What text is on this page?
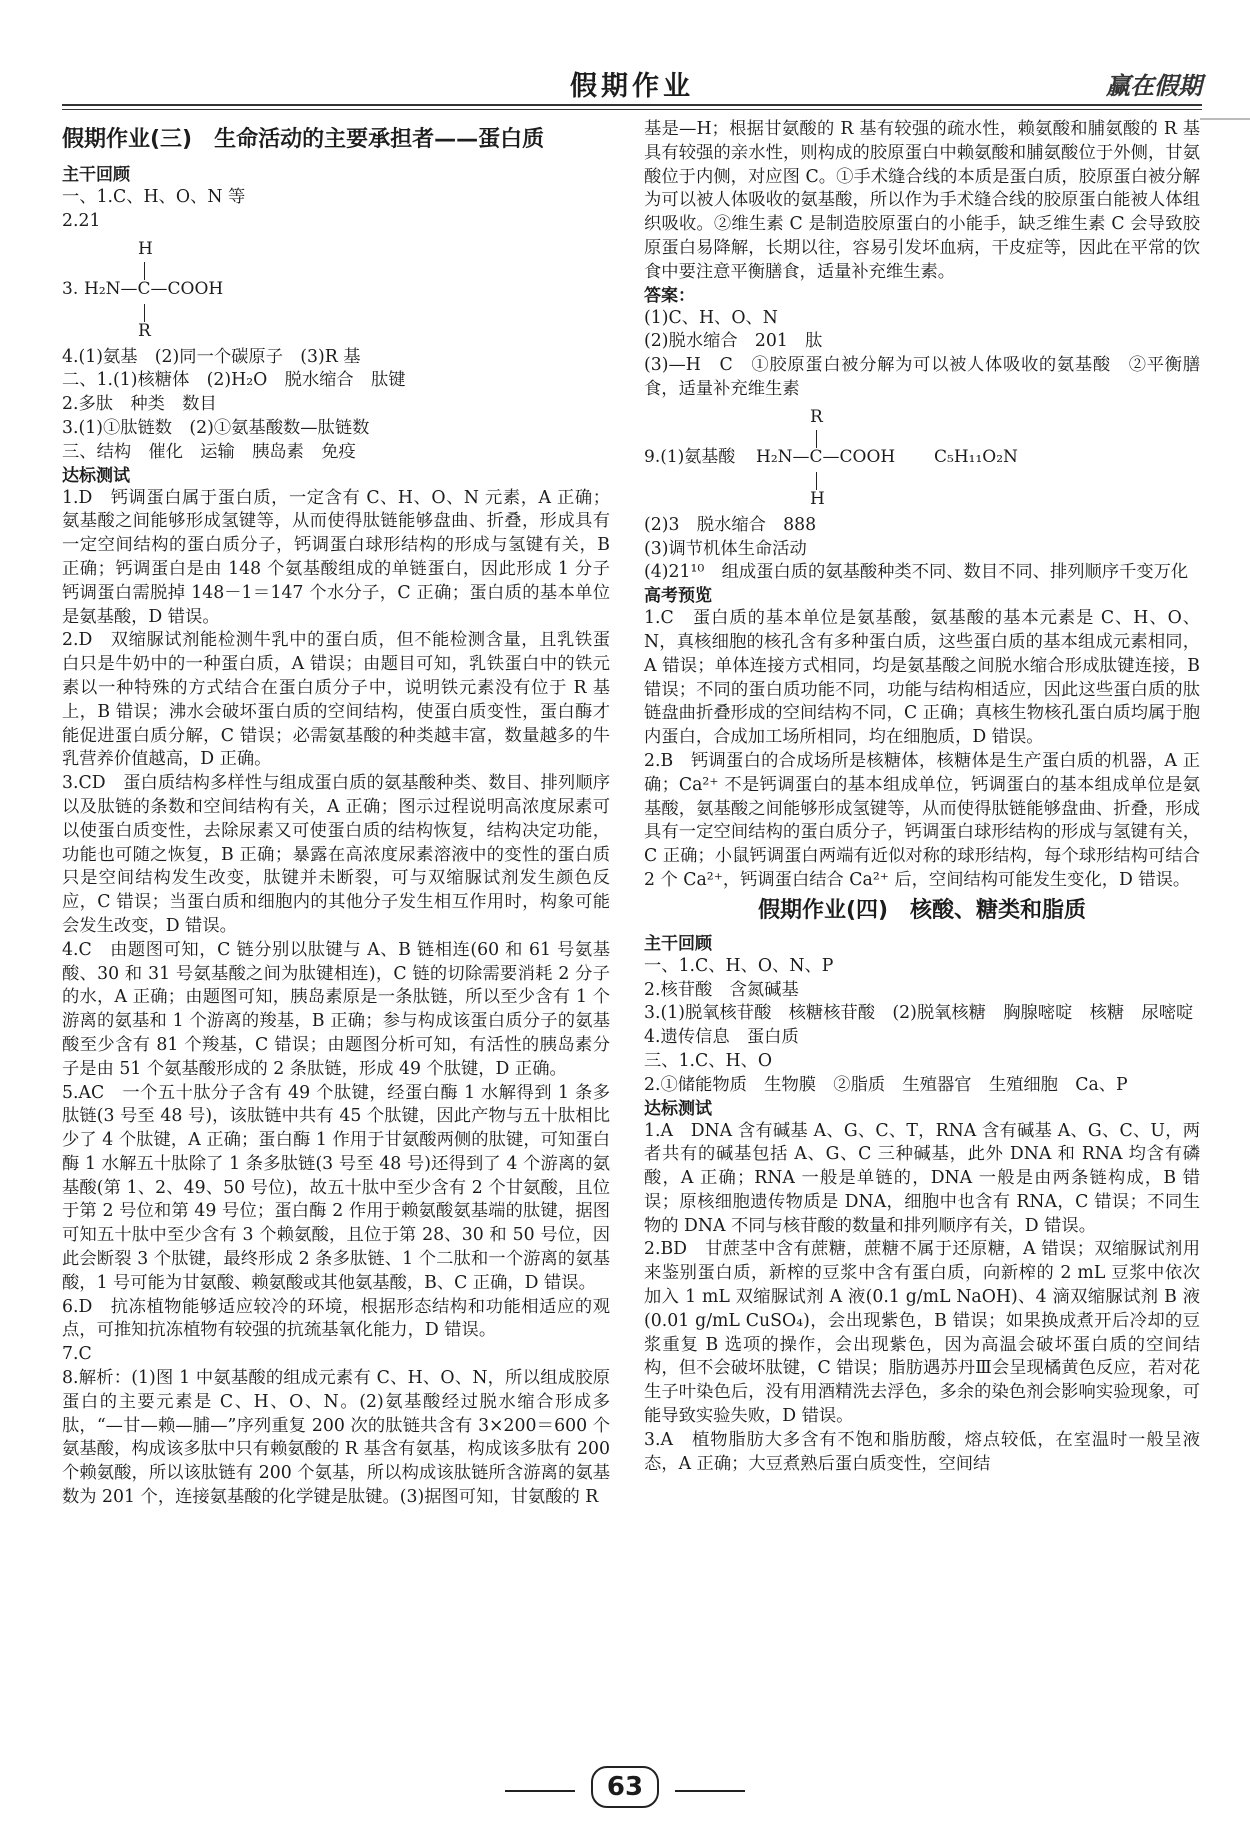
假期作业	赢在假期
假期作业(三)　生命活动的主要承担者——蛋白质
主干回顾
一、1.C、H、O、N 等
2.21
H
3. H₂N—C—COOH
R
4.(1)氨基　(2)同一个碳原子　(3)R 基
二、1.(1)核糖体　(2)H₂O　脱水缩合　肽键
2.多肽　种类　数目
3.(1)①肽链数　(2)①氨基酸数—肽链数
三、结构　催化　运输　胰岛素　免疫
达标测试
1.D　钙调蛋白属于蛋白质，一定含有 C、H、O、N 元素，A 正确；氨基酸之间能够形成氢键等，从而使得肽链能够盘曲、折叠，形成具有一定空间结构的蛋白质分子，钙调蛋白球形结构的形成与氢键有关，B 正确；钙调蛋白是由 148 个氨基酸组成的单链蛋白，因此形成 1 分子钙调蛋白需脱掉 148－1＝147 个水分子，C 正确；蛋白质的基本单位是氨基酸，D 错误。
2.D　双缩脲试剂能检测牛乳中的蛋白质，但不能检测含量，且乳铁蛋白只是牛奶中的一种蛋白质，A 错误；由题目可知，乳铁蛋白中的铁元素以一种特殊的方式结合在蛋白质分子中，说明铁元素没有位于 R 基上，B 错误；沸水会破坏蛋白质的空间结构，使蛋白质变性，蛋白酶才能促进蛋白质分解，C 错误；必需氨基酸的种类越丰富，数量越多的牛乳营养价值越高，D 正确。
3.CD　蛋白质结构多样性与组成蛋白质的氨基酸种类、数目、排列顺序以及肽链的条数和空间结构有关，A 正确；图示过程说明高浓度尿素可以使蛋白质变性，去除尿素又可使蛋白质的结构恢复，结构决定功能，功能也可随之恢复，B 正确；暴露在高浓度尿素溶液中的变性的蛋白质只是空间结构发生改变，肽键并未断裂，可与双缩脲试剂发生颜色反应，C 错误；当蛋白质和细胞内的其他分子发生相互作用时，构象可能会发生改变，D 错误。
4.C　由题图可知，C 链分别以肽键与 A、B 链相连(60 和 61 号氨基酸、30 和 31 号氨基酸之间为肽键相连)，C 链的切除需要消耗 2 分子的水，A 正确；由题图可知，胰岛素原是一条肽链，所以至少含有 1 个游离的氨基和 1 个游离的羧基，B 正确；参与构成该蛋白质分子的氨基酸至少含有 81 个羧基，C 错误；由题图分析可知，有活性的胰岛素分子是由 51 个氨基酸形成的 2 条肽链，形成 49 个肽键，D 正确。
5.AC　一个五十肽分子含有 49 个肽键，经蛋白酶 1 水解得到 1 条多肽链(3 号至 48 号)，该肽链中共有 45 个肽键，因此产物与五十肽相比少了 4 个肽键，A 正确；蛋白酶 1 作用于甘氨酸两侧的肽键，可知蛋白酶 1 水解五十肽除了 1 条多肽链(3 号至 48 号)还得到了 4 个游离的氨基酸(第 1、2、49、50 号位)，故五十肽中至少含有 2 个甘氨酸，且位于第 2 号位和第 49 号位；蛋白酶 2 作用于赖氨酸氨基端的肽键，据图可知五十肽中至少含有 3 个赖氨酸，且位于第 28、30 和 50 号位，因此会断裂 3 个肽键，最终形成 2 条多肽链、1 个二肽和一个游离的氨基酸，1 号可能为甘氨酸、赖氨酸或其他氨基酸，B、C 正确，D 错误。
6.D　抗冻植物能够适应较冷的环境，根据形态结构和功能相适应的观点，可推知抗冻植物有较强的抗巯基氧化能力，D 错误。
7.C
8.解析：(1)图 1 中氨基酸的组成元素有 C、H、O、N，所以组成胶原蛋白的主要元素是 C、H、O、N。(2)氨基酸经过脱水缩合形成多肽，“—甘—赖—脯—”序列重复 200 次的肽链共含有 3×200＝600 个氨基酸，构成该多肽中只有赖氨酸的 R 基含有氨基，构成该多肽有 200 个赖氨酸，所以该肽链有 200 个氨基，所以构成该肽链所含游离的氨基数为 201 个，连接氨基酸的化学键是肽键。(3)据图可知，甘氨酸的 R
基是—H；根据甘氨酸的 R 基有较强的疏水性，赖氨酸和脯氨酸的 R 基具有较强的亲水性，则构成的胶原蛋白中赖氨酸和脯氨酸位于外侧，甘氨酸位于内侧，对应图 C。①手术缝合线的本质是蛋白质，胶原蛋白被分解为可以被人体吸收的氨基酸，所以作为手术缝合线的胶原蛋白能被人体组织吸收。②维生素 C 是制造胶原蛋白的小能手，缺乏维生素 C 会导致胶原蛋白易降解，长期以往，容易引发坏血病，干皮症等，因此在平常的饮食中要注意平衡膳食，适量补充维生素。
答案：
(1)C、H、O、N
(2)脱水缩合　201　肽
(3)—H　C　①胶原蛋白被分解为可以被人体吸收的氨基酸　②平衡膳食，适量补充维生素
R
9.(1)氨基酸 H₂N—C—COOH C₅H₁₁O₂N
H
(2)3　脱水缩合　888
(3)调节机体生命活动
(4)21¹⁰　组成蛋白质的氨基酸种类不同、数目不同、排列顺序千变万化
高考预览
1.C　蛋白质的基本单位是氨基酸，氨基酸的基本元素是 C、H、O、N，真核细胞的核孔含有多种蛋白质，这些蛋白质的基本组成元素相同，A 错误；单体连接方式相同，均是氨基酸之间脱水缩合形成肽键连接，B 错误；不同的蛋白质功能不同，功能与结构相适应，因此这些蛋白质的肽链盘曲折叠形成的空间结构不同，C 正确；真核生物核孔蛋白质均属于胞内蛋白，合成加工场所相同，均在细胞质，D 错误。
2.B　钙调蛋白的合成场所是核糖体，核糖体是生产蛋白质的机器，A 正确；Ca²⁺ 不是钙调蛋白的基本组成单位，钙调蛋白的基本组成单位是氨基酸，氨基酸之间能够形成氢键等，从而使得肽链能够盘曲、折叠，形成具有一定空间结构的蛋白质分子，钙调蛋白球形结构的形成与氢键有关，C 正确；小鼠钙调蛋白两端有近似对称的球形结构，每个球形结构可结合 2 个 Ca²⁺，钙调蛋白结合 Ca²⁺ 后，空间结构可能发生变化，D 错误。
假期作业(四)　核酸、糖类和脂质
主干回顾
一、1.C、H、O、N、P
2.核苷酸　含氮碱基
3.(1)脱氧核苷酸　核糖核苷酸　(2)脱氧核糖　胸腺嘧啶　核糖　尿嘧啶
4.遗传信息　蛋白质
三、1.C、H、O
2.①储能物质　生物膜　②脂质　生殖器官　生殖细胞　Ca、P
达标测试
1.A　DNA 含有碱基 A、G、C、T，RNA 含有碱基 A、G、C、U，两者共有的碱基包括 A、G、C 三种碱基，此外 DNA 和 RNA 均含有磷酸，A 正确；RNA 一般是单链的，DNA 一般是由两条链构成，B 错误；原核细胞遗传物质是 DNA，细胞中也含有 RNA，C 错误；不同生物的 DNA 不同与核苷酸的数量和排列顺序有关，D 错误。
2.BD　甘蔗茎中含有蔗糖，蔗糖不属于还原糖，A 错误；双缩脲试剂用来鉴别蛋白质，新榨的豆浆中含有蛋白质，向新榨的 2 mL 豆浆中依次加入 1 mL 双缩脲试剂 A 液(0.1 g/mL NaOH)、4 滴双缩脲试剂 B 液(0.01 g/mL CuSO₄)，会出现紫色，B 错误；如果换成煮开后冷却的豆浆重复 B 选项的操作，会出现紫色，因为高温会破坏蛋白质的空间结构，但不会破坏肽键，C 错误；脂肪遇苏丹Ⅲ会呈现橘黄色反应，若对花生子叶染色后，没有用酒精洗去浮色，多余的染色剂会影响实验现象，可能导致实验失败，D 错误。
3.A　植物脂肪大多含有不饱和脂肪酸，熔点较低，在室温时一般呈液态，A 正确；大豆煮熟后蛋白质变性，空间结
63
